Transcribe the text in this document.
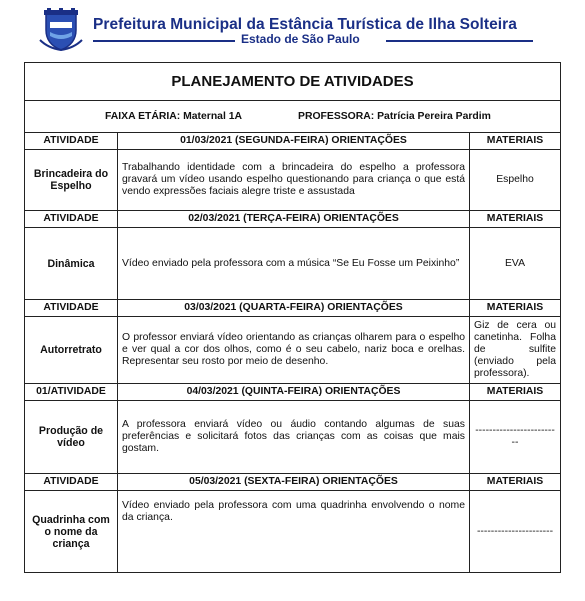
Prefeitura Municipal da Estância Turística de Ilha Solteira
Estado de São Paulo
PLANEJAMENTO DE ATIVIDADES		
FAIXA ETÁRIA: Maternal 1A PROFESSORA: Patrícia Pereira Pardim		
ATIVIDADE	01/03/2021 (SEGUNDA-FEIRA) ORIENTAÇÕES	MATERIAIS
Brincadeira do Espelho	Trabalhando identidade com a brincadeira do espelho a professora gravará um vídeo usando espelho questionando para criança o que está vendo expressões faciais alegre triste e assustada	Espelho
ATIVIDADE	02/03/2021 (TERÇA-FEIRA) ORIENTAÇÕES	MATERIAIS
Dinâmica	Vídeo enviado pela professora com a música “Se Eu Fosse um Peixinho”	EVA
ATIVIDADE	03/03/2021 (QUARTA-FEIRA) ORIENTAÇÕES	MATERIAIS
Autorretrato	O professor enviará vídeo orientando as crianças olharem para o espelho e ver qual a cor dos olhos, como é o seu cabelo, nariz boca e orelhas. Representar seu rosto por meio de desenho.	Giz de cera ou canetinha. Folha de sulfite (enviado pela professora).
01/ATIVIDADE	04/03/2021 (QUINTA-FEIRA) ORIENTAÇÕES	MATERIAIS
Produção de vídeo	A professora enviará vídeo ou áudio contando algumas de suas preferências e solicitará fotos das crianças com as coisas que mais gostam.	-------------------------
ATIVIDADE	05/03/2021 (SEXTA-FEIRA) ORIENTAÇÕES	MATERIAIS
Quadrinha com o nome da criança	Vídeo enviado pela professora com uma quadrinha envolvendo o nome da criança.	----------------------
